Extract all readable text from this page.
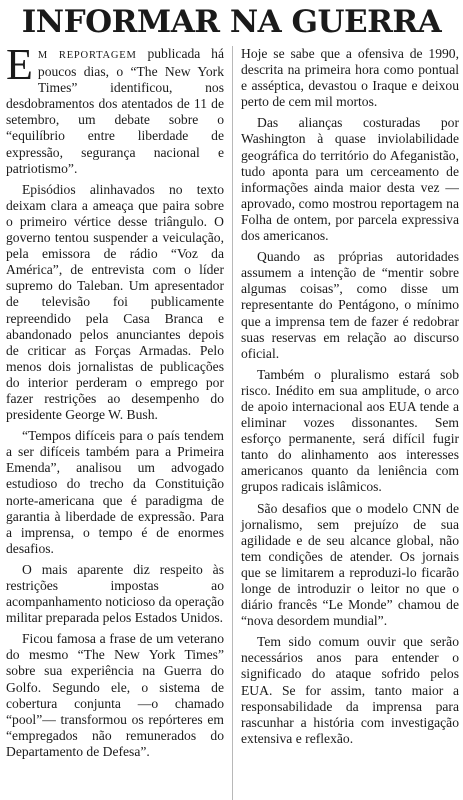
INFORMAR NA GUERRA

E M REPORTAGEM publicada há poucos dias, o “The New York Times” identificou, nos desdobramentos dos atentados de 11 de setembro, um debate sobre o “equilíbrio entre liberdade de expressão, segurança nacional e patriotismo”.

Episódios alinhavados no texto deixam clara a ameaça que paira sobre o primeiro vértice desse triângulo. O governo tentou suspender a veiculação, pela emissora de rádio “Voz da América”, de entrevista com o líder supremo do Taleban. Um apresentador de televisão foi publicamente repreendido pela Casa Branca e abandonado pelos anunciantes depois de criticar as Forças Armadas. Pelo menos dois jornalistas de publicações do interior perderam o emprego por fazer restrições ao desempenho do presidente George W. Bush.

“Tempos difíceis para o país tendem a ser difíceis também para a Primeira Emenda”, analisou um advogado estudioso do trecho da Constituição norte-americana que é paradigma de garantia à liberdade de expressão. Para a imprensa, o tempo é de enormes desafios.

O mais aparente diz respeito às restrições impostas ao acompanhamento noticioso da operação militar preparada pelos Estados Unidos.

Ficou famosa a frase de um veterano do mesmo “The New York Times” sobre sua experiência na Guerra do Golfo. Segundo ele, o sistema de cobertura conjunta —o chamado “pool”— transformou os repórteres em “empregados não remunerados do Departamento de Defesa”.

Hoje se sabe que a ofensiva de 1990, descrita na primeira hora como pontual e asséptica, devastou o Iraque e deixou perto de cem mil mortos.

Das alianças costuradas por Washington à quase inviolabilidade geográfica do território do Afeganistão, tudo aponta para um cerceamento de informações ainda maior desta vez —aprovado, como mostrou reportagem na Folha de ontem, por parcela expressiva dos americanos.

Quando as próprias autoridades assumem a intenção de “mentir sobre algumas coisas”, como disse um representante do Pentágono, o mínimo que a imprensa tem de fazer é redobrar suas reservas em relação ao discurso oficial.

Também o pluralismo estará sob risco. Inédito em sua amplitude, o arco de apoio internacional aos EUA tende a eliminar vozes dissonantes. Sem esforço permanente, será difícil fugir tanto do alinhamento aos interesses americanos quanto da leniência com grupos radicais islâmicos.

São desafios que o modelo CNN de jornalismo, sem prejuízo de sua agilidade e de seu alcance global, não tem condições de atender. Os jornais que se limitarem a reproduzi-lo ficarão longe de introduzir o leitor no que o diário francês “Le Monde” chamou de “nova desordem mundial”.

Tem sido comum ouvir que serão necessários anos para entender o significado do ataque sofrido pelos EUA. Se for assim, tanto maior a responsabilidade da imprensa para rascunhar a história com investigação extensiva e reflexão.
